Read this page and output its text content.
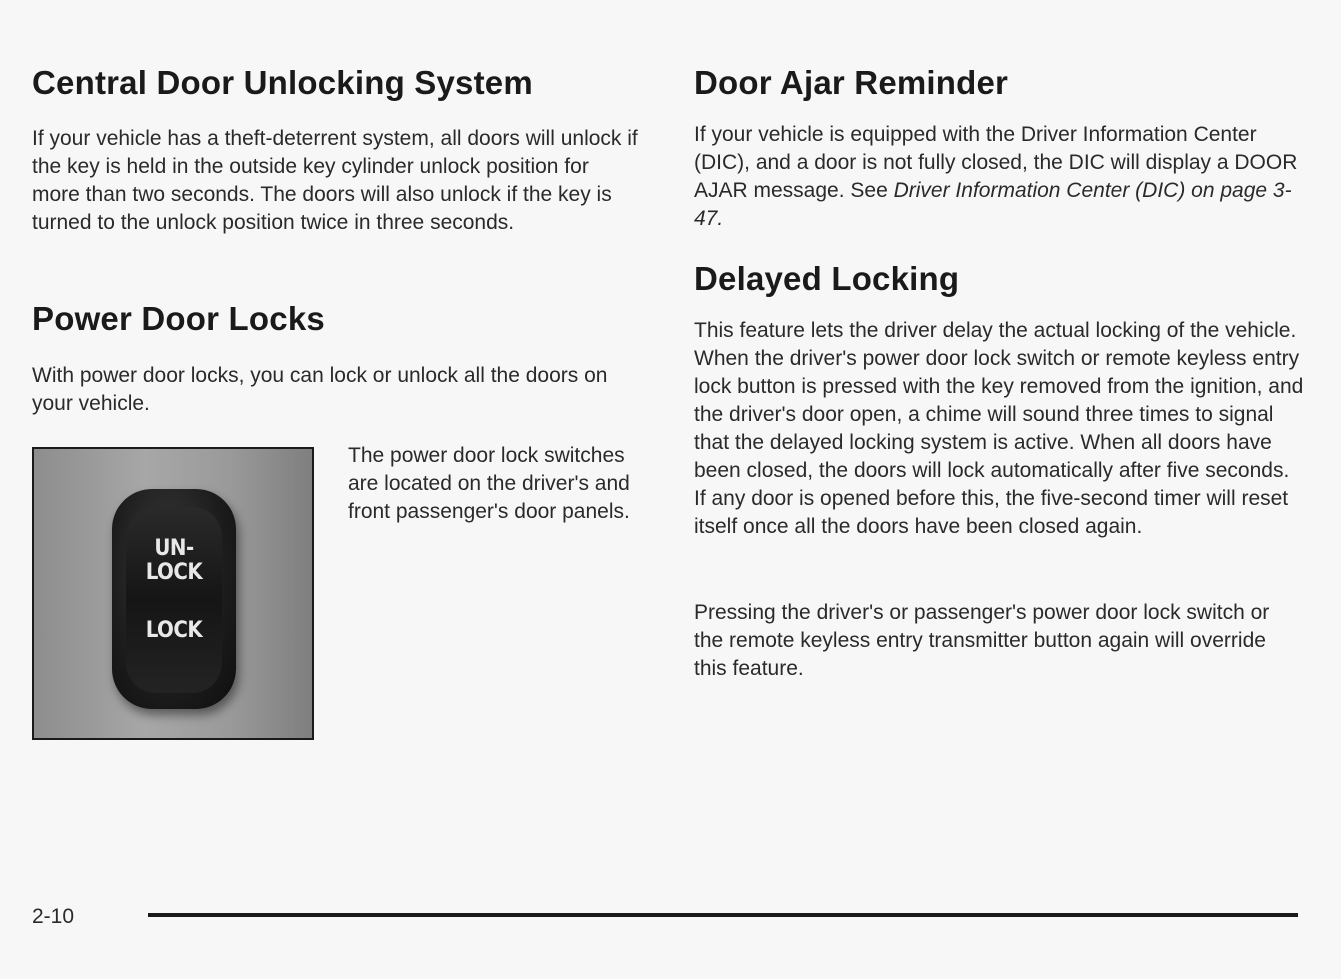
Central Door Unlocking System

If your vehicle has a theft-deterrent system, all doors will unlock if the key is held in the outside key cylinder unlock position for more than two seconds. The doors will also unlock if the key is turned to the unlock position twice in three seconds.

Power Door Locks

With power door locks, you can lock or unlock all the doors on your vehicle.

UN-
LOCK
LOCK

The power door lock switches are located on the driver's and front passenger's door panels.

Door Ajar Reminder

If your vehicle is equipped with the Driver Information Center (DIC), and a door is not fully closed, the DIC will display a DOOR AJAR message. See Driver Information Center (DIC) on page 3-47.

Delayed Locking

This feature lets the driver delay the actual locking of the vehicle. When the driver's power door lock switch or remote keyless entry lock button is pressed with the key removed from the ignition, and the driver's door open, a chime will sound three times to signal that the delayed locking system is active. When all doors have been closed, the doors will lock automatically after five seconds. If any door is opened before this, the five-second timer will reset itself once all the doors have been closed again.

Pressing the driver's or passenger's power door lock switch or the remote keyless entry transmitter button again will override this feature.

2-10
